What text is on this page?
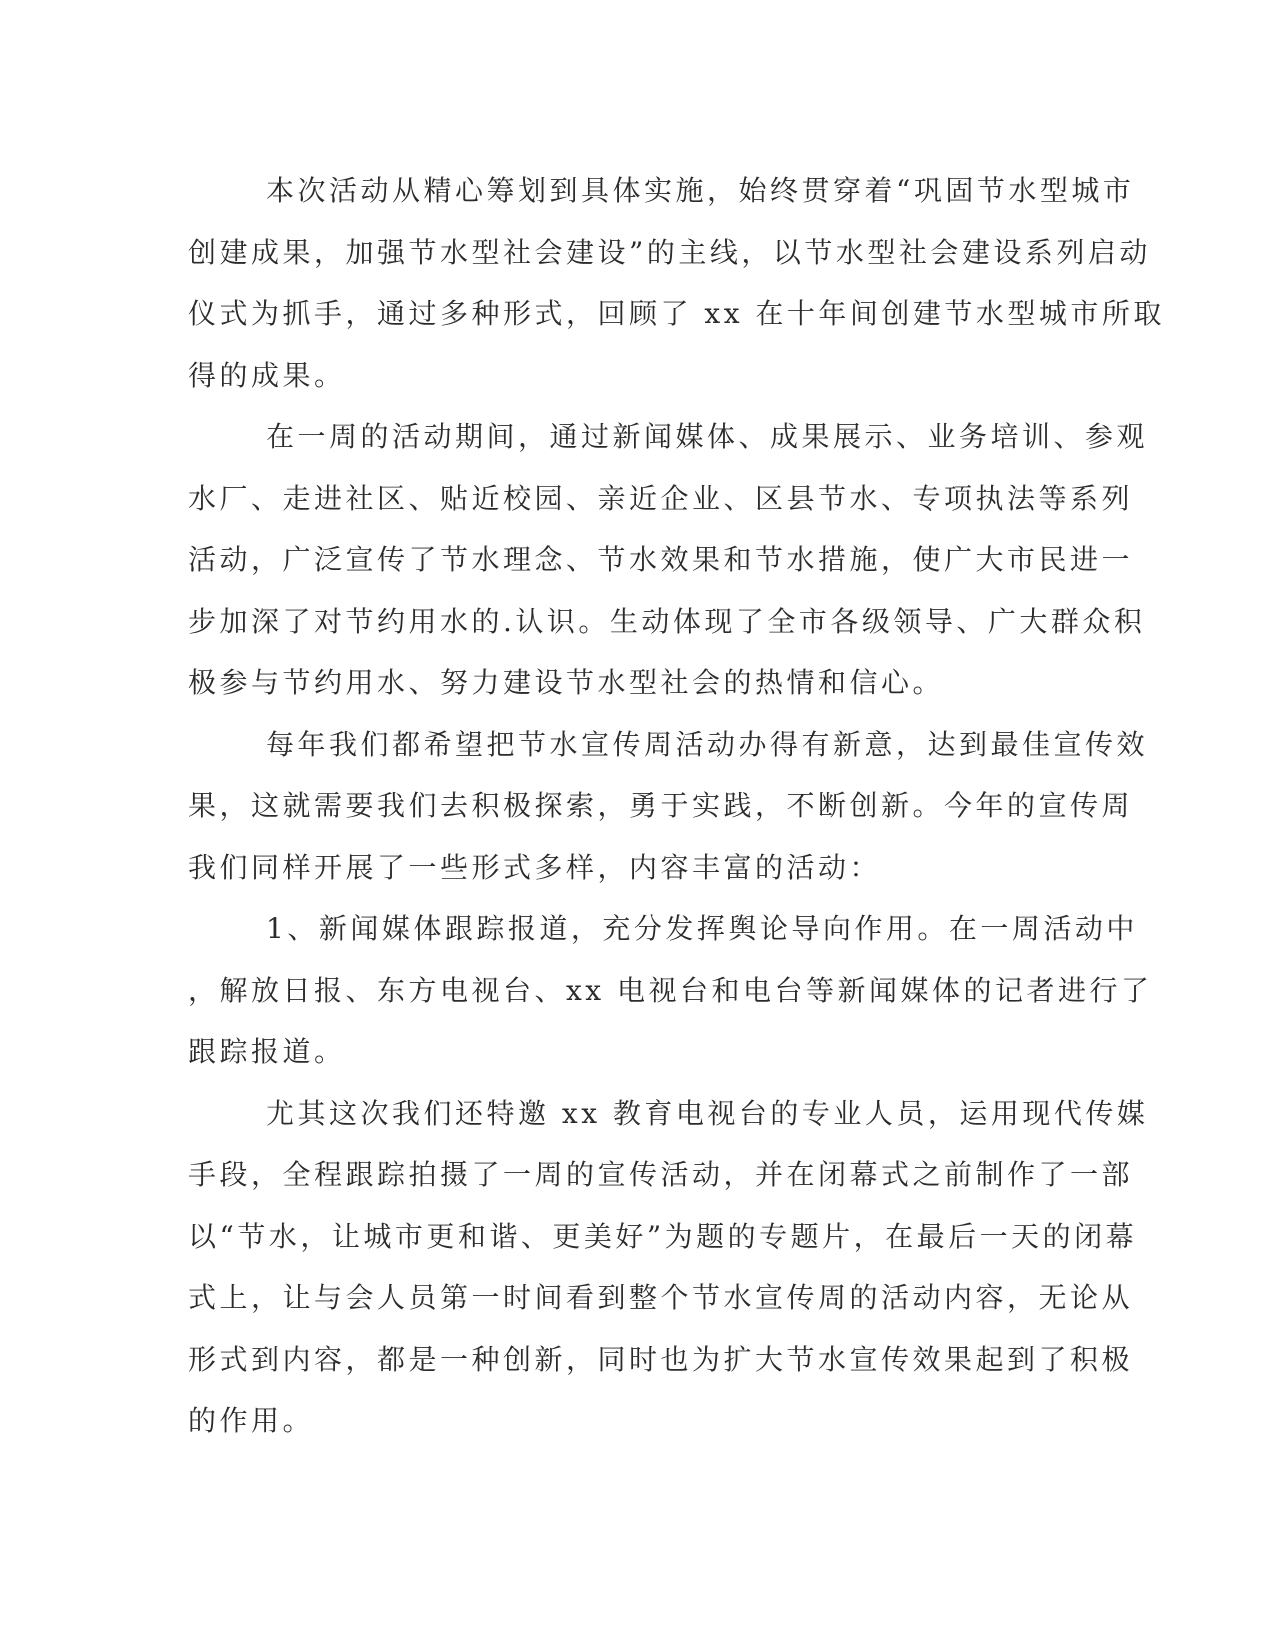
本次活动从精心筹划到具体实施，始终贯穿着“巩固节水型城市
创建成果，加强节水型社会建设”的主线，以节水型社会建设系列启动
仪式为抓手，通过多种形式，回顾了 xx 在十年间创建节水型城市所取
得的成果。
在一周的活动期间，通过新闻媒体、成果展示、业务培训、参观
水厂、走进社区、贴近校园、亲近企业、区县节水、专项执法等系列
活动，广泛宣传了节水理念、节水效果和节水措施，使广大市民进一
步加深了对节约用水的.认识。生动体现了全市各级领导、广大群众积
极参与节约用水、努力建设节水型社会的热情和信心。
每年我们都希望把节水宣传周活动办得有新意，达到最佳宣传效
果，这就需要我们去积极探索，勇于实践，不断创新。今年的宣传周
我们同样开展了一些形式多样，内容丰富的活动：
1、新闻媒体跟踪报道，充分发挥舆论导向作用。在一周活动中
，解放日报、东方电视台、xx 电视台和电台等新闻媒体的记者进行了
跟踪报道。
尤其这次我们还特邀 xx 教育电视台的专业人员，运用现代传媒
手段，全程跟踪拍摄了一周的宣传活动，并在闭幕式之前制作了一部
以“节水，让城市更和谐、更美好”为题的专题片，在最后一天的闭幕
式上，让与会人员第一时间看到整个节水宣传周的活动内容，无论从
形式到内容，都是一种创新，同时也为扩大节水宣传效果起到了积极
的作用。
